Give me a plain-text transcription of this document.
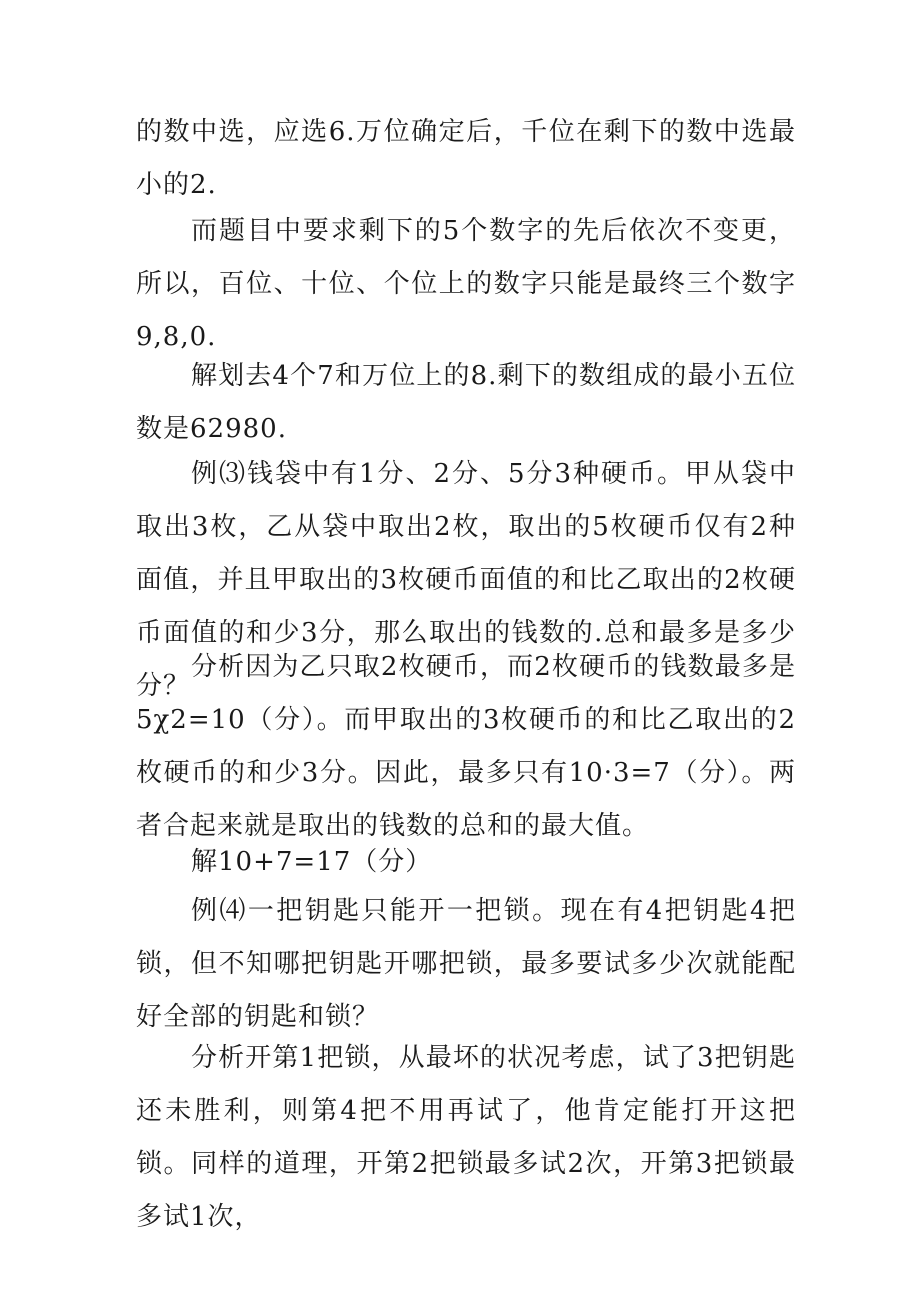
的数中选，应选6.万位确定后，千位在剩下的数中选最小的2.

而题目中要求剩下的5个数字的先后依次不变更，所以，百位、十位、个位上的数字只能是最终三个数字9,8,0.

解划去4个7和万位上的8.剩下的数组成的最小五位数是62980.

例⑶钱袋中有1分、2分、5分3种硬币。甲从袋中取出3枚，乙从袋中取出2枚，取出的5枚硬币仅有2种面值，并且甲取出的3枚硬币面值的和比乙取出的2枚硬币面值的和少3分，那么取出的钱数的.总和最多是多少分？

分析因为乙只取2枚硬币，而2枚硬币的钱数最多是5χ2=10（分）。而甲取出的3枚硬币的和比乙取出的2枚硬币的和少3分。因此，最多只有10·3=7（分）。两者合起来就是取出的钱数的总和的最大值。

解10+7=17（分）

例⑷一把钥匙只能开一把锁。现在有4把钥匙4把锁，但不知哪把钥匙开哪把锁，最多要试多少次就能配好全部的钥匙和锁？

分析开第1把锁，从最坏的状况考虑，试了3把钥匙还未胜利，则第4把不用再试了，他肯定能打开这把锁。同样的道理，开第2把锁最多试2次，开第3把锁最多试1次，
